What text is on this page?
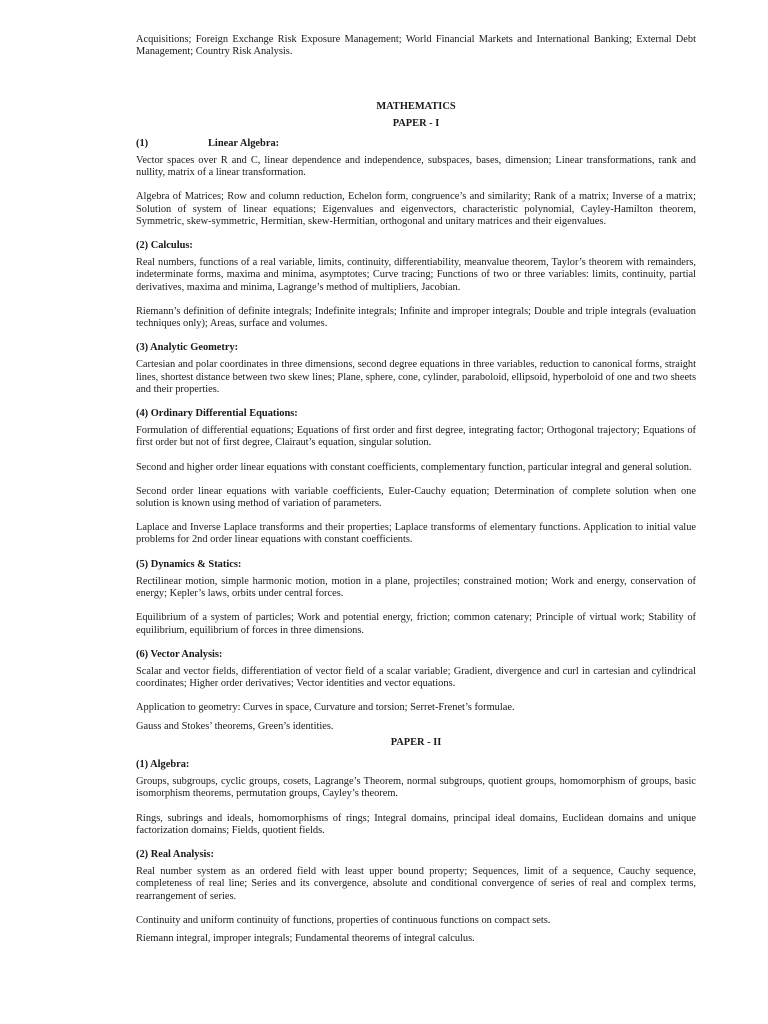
Acquisitions; Foreign Exchange Risk Exposure Management; World Financial Markets and International Banking; External Debt Management; Country Risk Analysis.

MATHEMATICS

PAPER - I

(1)	Linear Algebra:

Vector spaces over R and C, linear dependence and independence, subspaces, bases, dimension; Linear transformations, rank and nullity, matrix of a linear transformation.

Algebra of Matrices; Row and column reduction, Echelon form, congruence’s and similarity; Rank of a matrix; Inverse of a matrix; Solution of system of linear equations; Eigenvalues and eigenvectors, characteristic polynomial, Cayley-Hamilton theorem, Symmetric, skew-symmetric, Hermitian, skew-Hermitian, orthogonal and unitary matrices and their eigenvalues.

(2) Calculus:

Real numbers, functions of a real variable, limits, continuity, differentiability, meanvalue theorem, Taylor’s theorem with remainders, indeterminate forms, maxima and minima, asymptotes; Curve tracing; Functions of two or three variables: limits, continuity, partial derivatives, maxima and minima, Lagrange’s method of multipliers, Jacobian.

Riemann’s definition of definite integrals; Indefinite integrals; Infinite and improper integrals; Double and triple integrals (evaluation techniques only); Areas, surface and volumes.

(3) Analytic Geometry:

Cartesian and polar coordinates in three dimensions, second degree equations in three variables, reduction to canonical forms, straight lines, shortest distance between two skew lines; Plane, sphere, cone, cylinder, paraboloid, ellipsoid, hyperboloid of one and two sheets and their properties.

(4) Ordinary Differential Equations:

Formulation of differential equations; Equations of first order and first degree, integrating factor; Orthogonal trajectory; Equations of first order but not of first degree, Clairaut’s equation, singular solution.

Second and higher order linear equations with constant coefficients, complementary function, particular integral and general solution.

Second order linear equations with variable coefficients, Euler-Cauchy equation; Determination of complete solution when one solution is known using method of variation of parameters.

Laplace and Inverse Laplace transforms and their properties; Laplace transforms of elementary functions. Application to initial value problems for 2nd order linear equations with constant coefficients.

(5) Dynamics & Statics:

Rectilinear motion, simple harmonic motion, motion in a plane, projectiles; constrained motion; Work and energy, conservation of energy; Kepler’s laws, orbits under central forces.

Equilibrium of a system of particles; Work and potential energy, friction; common catenary; Principle of virtual work; Stability of equilibrium, equilibrium of forces in three dimensions.

(6) Vector Analysis:

Scalar and vector fields, differentiation of vector field of a scalar variable; Gradient, divergence and curl in cartesian and cylindrical coordinates; Higher order derivatives; Vector identities and vector equations.

Application to geometry: Curves in space, Curvature and torsion; Serret-Frenet’s formulae.

Gauss and Stokes’ theorems, Green’s identities.

PAPER - II

(1) Algebra:

Groups, subgroups, cyclic groups, cosets, Lagrange’s Theorem, normal subgroups, quotient groups, homomorphism of groups, basic isomorphism theorems, permutation groups, Cayley’s theorem.

Rings, subrings and ideals, homomorphisms of rings; Integral domains, principal ideal domains, Euclidean domains and unique factorization domains; Fields, quotient fields.

(2) Real Analysis:

Real number system as an ordered field with least upper bound property; Sequences, limit of a sequence, Cauchy sequence, completeness of real line; Series and its convergence, absolute and conditional convergence of series of real and complex terms, rearrangement of series.

Continuity and uniform continuity of functions, properties of continuous functions on compact sets.

Riemann integral, improper integrals; Fundamental theorems of integral calculus.
